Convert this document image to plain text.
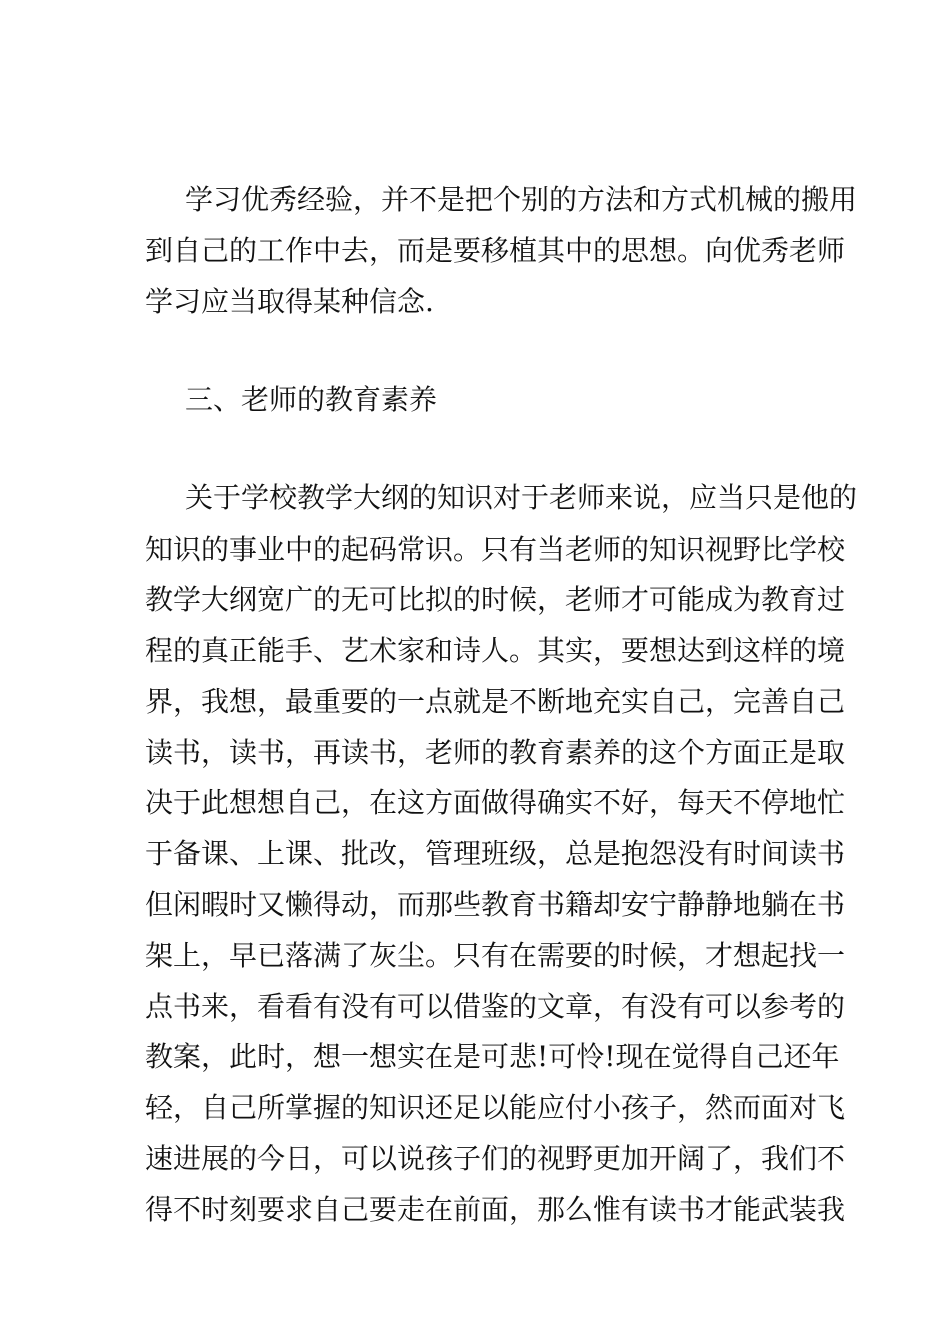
学习优秀经验，并不是把个别的方法和方式机械的搬用
到自己的工作中去，而是要移植其中的思想。向优秀老师
学习应当取得某种信念.
三、老师的教育素养
关于学校教学大纲的知识对于老师来说，应当只是他的
知识的事业中的起码常识。只有当老师的知识视野比学校
教学大纲宽广的无可比拟的时候，老师才可能成为教育过
程的真正能手、艺术家和诗人。其实，要想达到这样的境
界，我想，最重要的一点就是不断地充实自己，完善自己
读书，读书，再读书，老师的教育素养的这个方面正是取
决于此想想自己，在这方面做得确实不好，每天不停地忙
于备课、上课、批改，管理班级，总是抱怨没有时间读书
但闲暇时又懒得动，而那些教育书籍却安宁静静地躺在书
架上，早已落满了灰尘。只有在需要的时候，才想起找一
点书来，看看有没有可以借鉴的文章，有没有可以参考的
教案，此时，想一想实在是可悲!可怜!现在觉得自己还年
轻，自己所掌握的知识还足以能应付小孩子，然而面对飞
速进展的今日，可以说孩子们的视野更加开阔了，我们不
得不时刻要求自己要走在前面，那么惟有读书才能武装我
